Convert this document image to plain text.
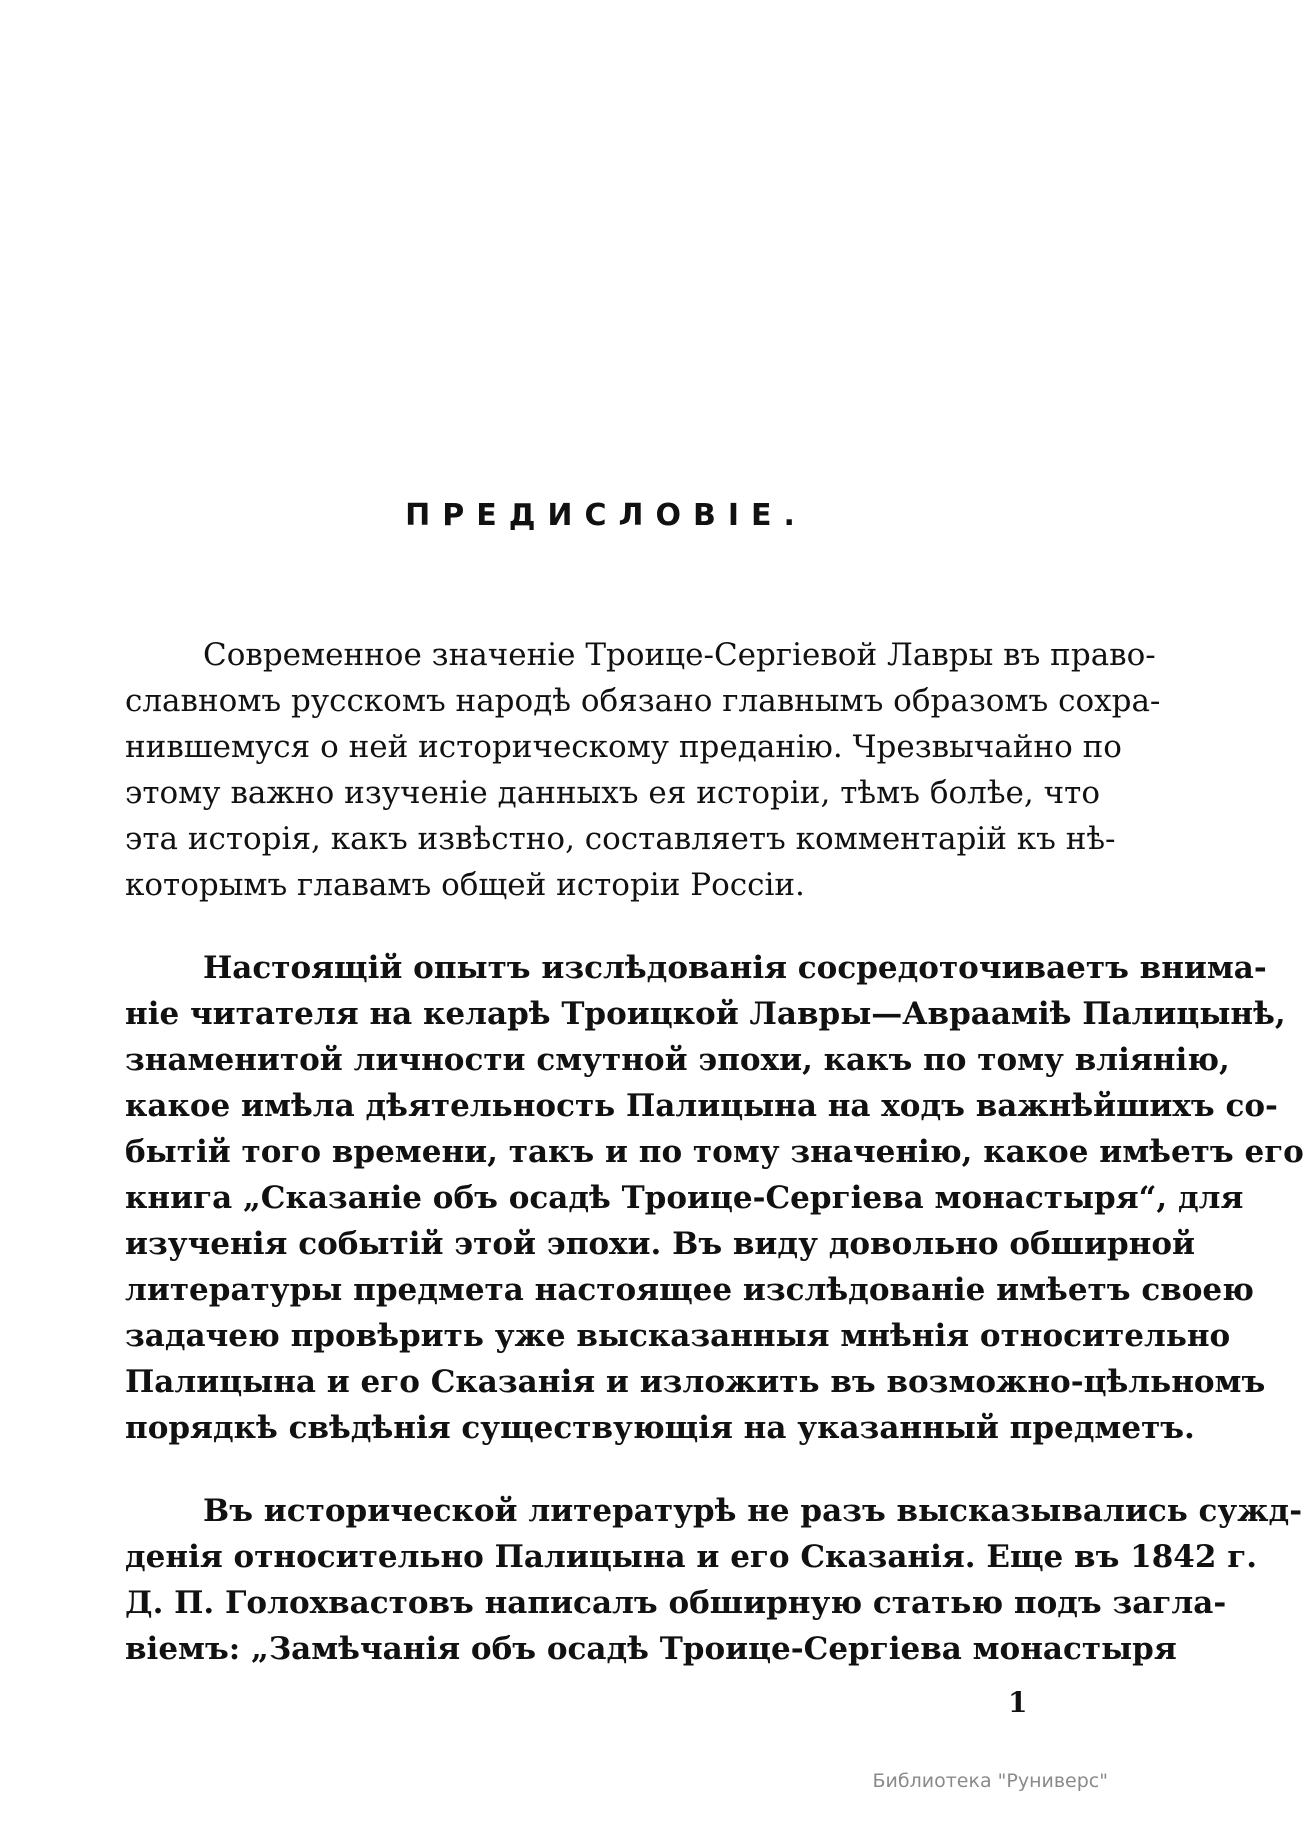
ПРЕДИСЛОВІЕ.
Современное значеніе Троице-Сергіевой Лавры въ право-
славномъ русскомъ народѣ обязано главнымъ образомъ сохра-
нившемуся о ней историческому преданію. Чрезвычайно по
этому важно изученіе данныхъ ея исторіи, тѣмъ болѣе, что
эта исторія, какъ извѣстно, составляетъ комментарій къ нѣ-
которымъ главамъ общей исторіи Россіи.
Настоящій опытъ изслѣдованія сосредоточиваетъ внима-
ніе читателя на келарѣ Троицкой Лавры—Авраамiѣ Палицынѣ,
знаменитой личности смутной эпохи, какъ по тому вліянію,
какое имѣла дѣятельность Палицына на ходъ важнѣйшихъ со-
бытій того времени, такъ и по тому значенію, какое имѣетъ его
книга „Сказаніе объ осадѣ Троице-Сергіева монастыря“, для
изученія событій этой эпохи. Въ виду довольно обширной
литературы предмета настоящее изслѣдованіе имѣетъ своею
задачею провѣрить уже высказанныя мнѣнія относительно
Палицына и его Сказанія и изложить въ возможно-цѣльномъ
порядкѣ свѣдѣнія существующія на указанный предметъ.
Въ исторической литературѣ не разъ высказывались сужд-
денія относительно Палицына и его Сказанія. Еще въ 1842 г.
Д. П. Голохвастовъ написалъ обширную статью подъ загла-
віемъ: „Замѣчанія объ осадѣ Троице-Сергіева монастыря
1
Библиотека "Руниверс"
